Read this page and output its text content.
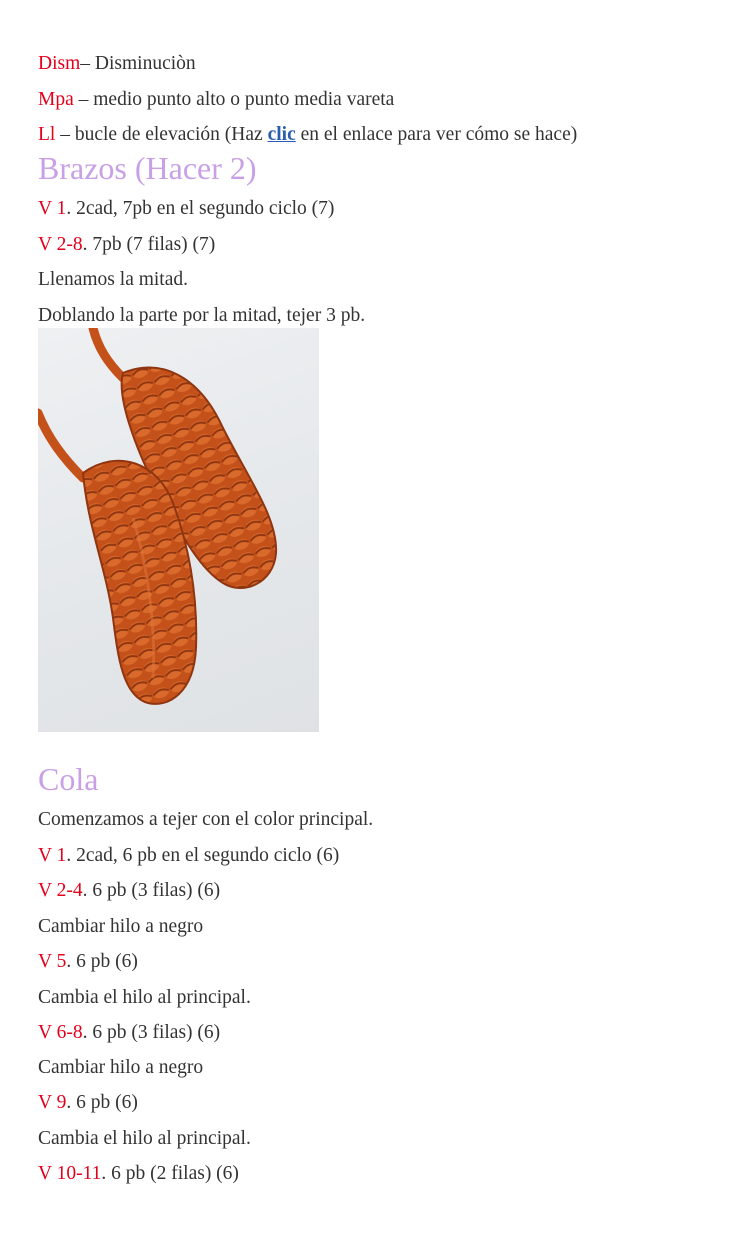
Dism– Disminuciòn
Mpa – medio punto alto o punto media vareta
Ll – bucle de elevación (Haz clic en el enlace para ver cómo se hace)
Brazos (Hacer 2)
V 1. 2cad, 7pb en el segundo ciclo (7)
V 2-8. 7pb (7 filas) (7)
Llenamos la mitad.
Doblando la parte por la mitad, tejer 3 pb.
Cola
Comenzamos a tejer con el color principal.
V 1. 2cad, 6 pb en el segundo ciclo (6)
V 2-4. 6 pb (3 filas) (6)
Cambiar hilo a negro
V 5. 6 pb (6)
Cambia el hilo al principal.
V 6-8. 6 pb (3 filas) (6)
Cambiar hilo a negro
V 9. 6 pb (6)
Cambia el hilo al principal.
V 10-11. 6 pb (2 filas) (6)
